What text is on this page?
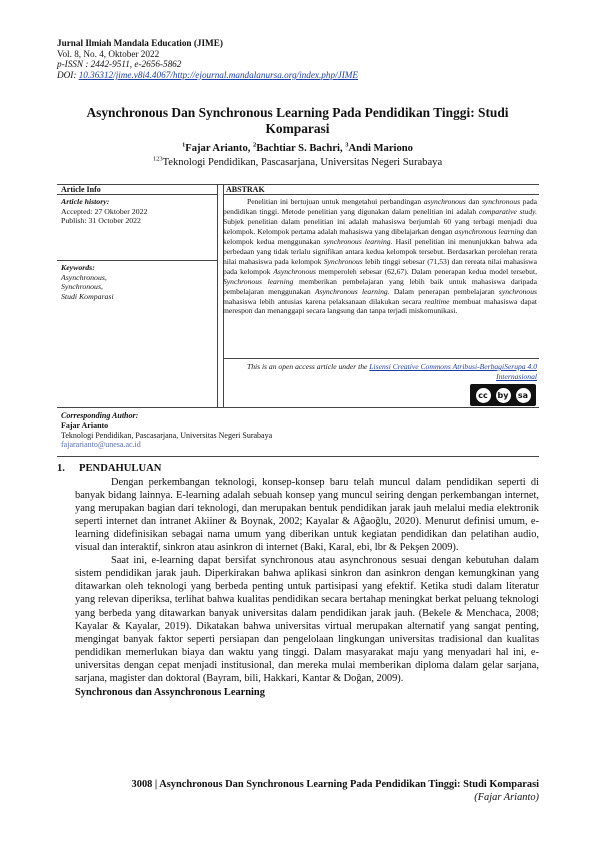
Jurnal Ilmiah Mandala Education (JIME)
Vol. 8, No. 4, Oktober 2022
p-ISSN : 2442-9511, e-2656-5862
DOI: 10.36312/jime.v8i4.4067/http://ejournal.mandalanursa.org/index.php/JIME
Asynchronous Dan Synchronous Learning Pada Pendidikan Tinggi: Studi Komparasi
$^1$Fajar Arianto, $^2$Bachtiar S. Bachri, $^3$Andi Mariono
$^{123}$Teknologi Pendidikan, Pascasarjana, Universitas Negeri Surabaya
Article Info	ABSTRAK
Article history:
Accepted: 27 Oktober 2022
Publish: 31 October 2022
Keywords:
Asynchronous,
Synchronous,
Studi Komparasi
Penelitian ini bertujuan untuk mengetahui perbandingan asynchronous dan synchronous pada pendidikan tinggi. Metode penelitian yang digunakan dalam penelitian ini adalah comparative study. Subjek penelitian dalam penelitian ini adalah mahasiswa berjumlah 60 yang terbagi menjadi dua kelompok. Kelompok pertama adalah mahasiswa yang dibelajarkan dengan asynchronous learning dan kelompok kedua menggunakan synchronous learning. Hasil penelitian ini menunjukkan bahwa ada perbedaan yang tidak terlalu signifikan antara kedua kelompok tersebut. Berdasarkan perolehan rerata nilai mahasiswa pada kelompok Synchronous lebih tinggi sebesar (71,53) dan rereata nilai mahasiswa pada kelompok Asynchronous memperoleh sebesar (62,67). Dalam penerapan kedua model tersebut, Synchronous learning memberikan pembelajaran yang lebih baik untuk mahasiswa daripada pembelajaran menggunakan Asynchronous learning. Dalam penerapan pembelajaran synchronous mahasiswa lebih antusias karena pelaksanaan dilakukan secara realtime membuat mahasiswa dapat merespon dan menanggapi secara langsung dan tanpa terjadi miskomunikasi.
This is an open access article under the Lisensi Creative Commons Atribusi-BerbagiSerupa 4.0 Internasional
cc	by	sa
Corresponding Author:
Fajar Arianto
Teknologi Pendidikan, Pascasarjana, Universitas Negeri Surabaya
fajararianto@unesa.ac.id
1. PENDAHULUAN

Dengan perkembangan teknologi, konsep-konsep baru telah muncul dalam pendidikan seperti di banyak bidang lainnya. E-learning adalah sebuah konsep yang muncul seiring dengan perkembangan internet, yang merupakan bagian dari teknologi, dan merupakan bentuk pendidikan jarak jauh melalui media elektronik seperti internet dan intranet Akiiner & Boynak, 2002; Kayalar & Ağaoğlu, 2020). Menurut definisi umum, e-learning didefinisikan sebagai nama umum yang diberikan untuk kegiatan pendidikan dan pelatihan audio, visual dan interaktif, sinkron atau asinkron di internet (Baki, Karal, ebi, lbr & Pekşen 2009).

Saat ini, e-learning dapat bersifat synchronous atau asynchronous sesuai dengan kebutuhan dalam sistem pendidikan jarak jauh. Diperkirakan bahwa aplikasi sinkron dan asinkron dengan kemungkinan yang ditawarkan oleh teknologi yang berbeda penting untuk partisipasi yang efektif. Ketika studi dalam literatur yang relevan diperiksa, terlihat bahwa kualitas pendidikan secara bertahap meningkat berkat peluang teknologi yang berbeda yang ditawarkan banyak universitas dalam pendidikan jarak jauh. (Bekele & Menchaca, 2008; Kayalar & Kayalar, 2019). Dikatakan bahwa universitas virtual merupakan alternatif yang sangat penting, mengingat banyak faktor seperti persiapan dan pengelolaan lingkungan universitas tradisional dan kualitas pendidikan memerlukan biaya dan waktu yang tinggi. Dalam masyarakat maju yang menyadari hal ini, e-universitas dengan cepat menjadi institusional, dan mereka mulai memberikan diploma dalam gelar sarjana, sarjana, magister dan doktoral (Bayram, bili, Hakkari, Kantar & Doğan, 2009).

Synchronous dan Assynchronous Learning
3008 | Asynchronous Dan Synchronous Learning Pada Pendidikan Tinggi: Studi Komparasi
(Fajar Arianto)
